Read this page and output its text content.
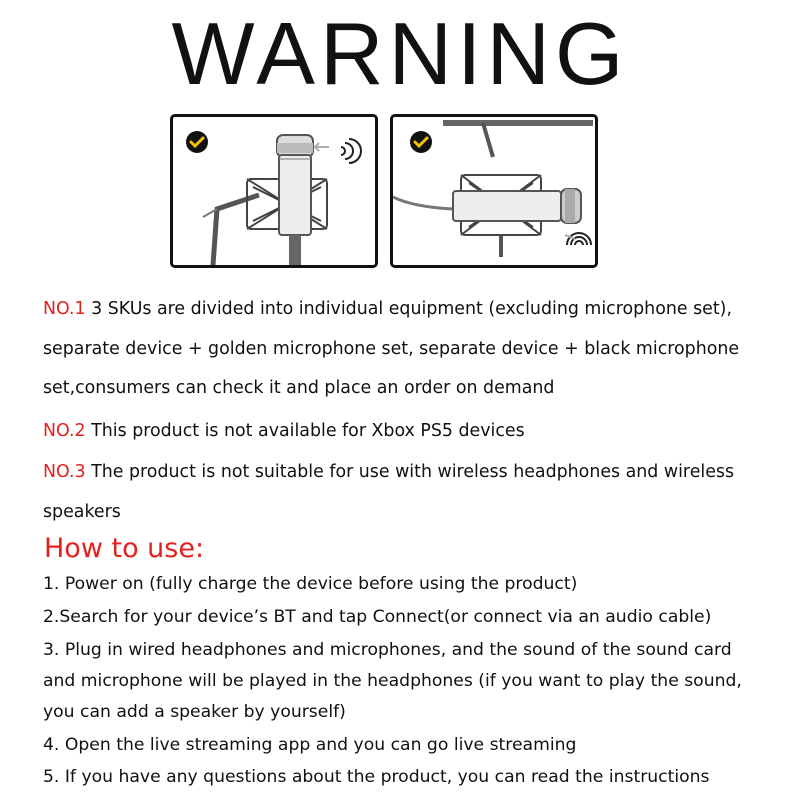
WARNING
NO.1 3 SKUs are divided into individual equipment (excluding microphone set),
separate device + golden microphone set, separate device + black microphone
set,consumers can check it and place an order on demand
NO.2 This product is not available for Xbox PS5 devices
NO.3 The product is not suitable for use with wireless headphones and wireless
speakers
How to use:
1. Power on (fully charge the device before using the product)
2.Search for your device’s BT and tap Connect(or connect via an audio cable)
3. Plug in wired headphones and microphones, and the sound of the sound card
and microphone will be played in the headphones (if you want to play the sound,
you can add a speaker by yourself)
4. Open the live streaming app and you can go live streaming
5. If you have any questions about the product, you can read the instructions
